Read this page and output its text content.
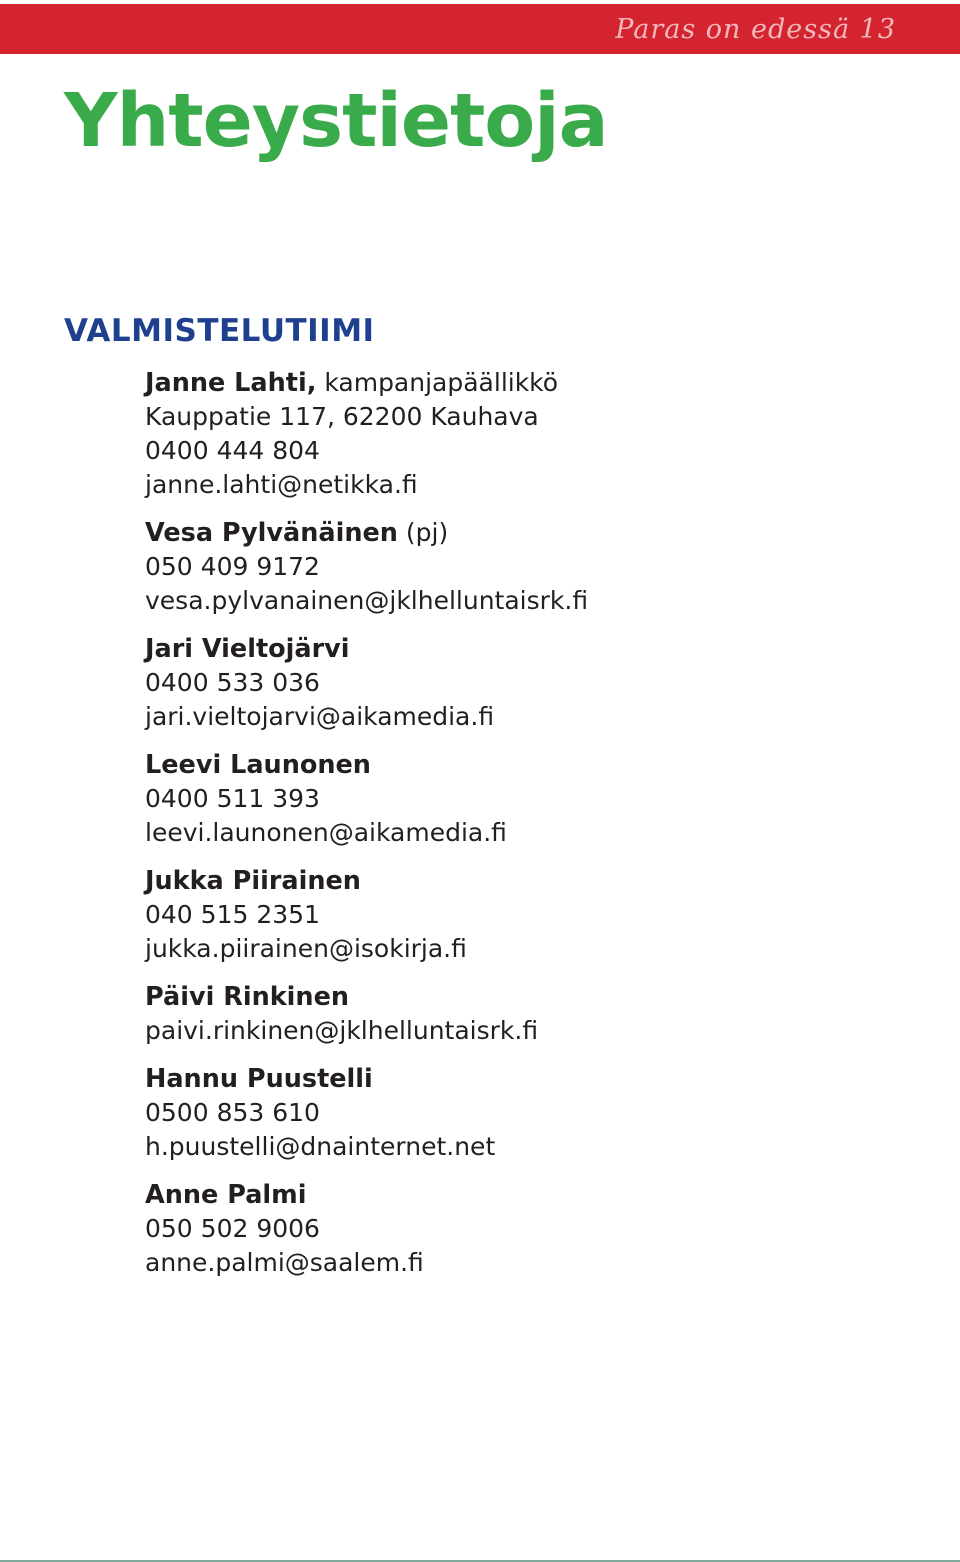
Paras on edessä 13
Yhteystietoja
VALMISTELUTIIMI
Janne Lahti, kampanjapäällikkö
Kauppatie 117, 62200 Kauhava
0400 444 804
janne.lahti@netikka.fi
Vesa Pylvänäinen (pj)
050 409 9172
vesa.pylvanainen@jklhelluntaisrk.fi
Jari Vieltojärvi
0400 533 036
jari.vieltojarvi@aikamedia.fi
Leevi Launonen
0400 511 393
leevi.launonen@aikamedia.fi
Jukka Piirainen
040 515 2351
jukka.piirainen@isokirja.fi
Päivi Rinkinen
paivi.rinkinen@jklhelluntaisrk.fi
Hannu Puustelli
0500 853 610
h.puustelli@dnainternet.net
Anne Palmi
050 502 9006
anne.palmi@saalem.fi
